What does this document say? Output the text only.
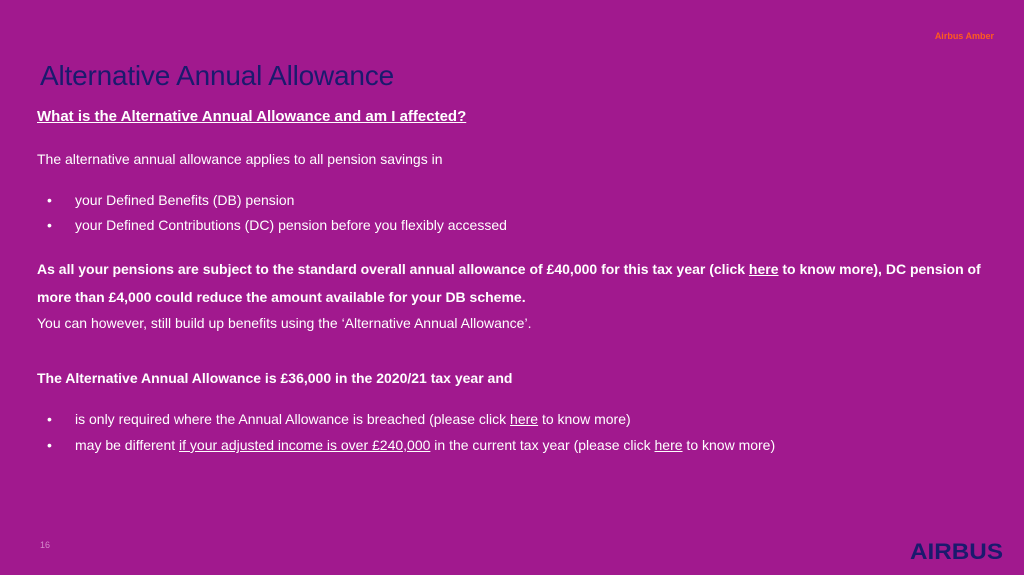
Airbus Amber
Alternative Annual Allowance

What is the Alternative Annual Allowance and am I affected?

The alternative annual allowance applies to all pension savings in

• your Defined Benefits (DB) pension
• your Defined Contributions (DC) pension before you flexibly accessed

As all your pensions are subject to the standard overall annual allowance of £40,000 for this tax year (click here to know more), DC pension of

more than £4,000 could reduce the amount available for your DB scheme.

You can however, still build up benefits using the ‘Alternative Annual Allowance’.

The Alternative Annual Allowance is £36,000 in the 2020/21 tax year and

• is only required where the Annual Allowance is breached (please click here to know more)
• may be different if your adjusted income is over £240,000 in the current tax year (please click here to know more)
16	AIRBUS
